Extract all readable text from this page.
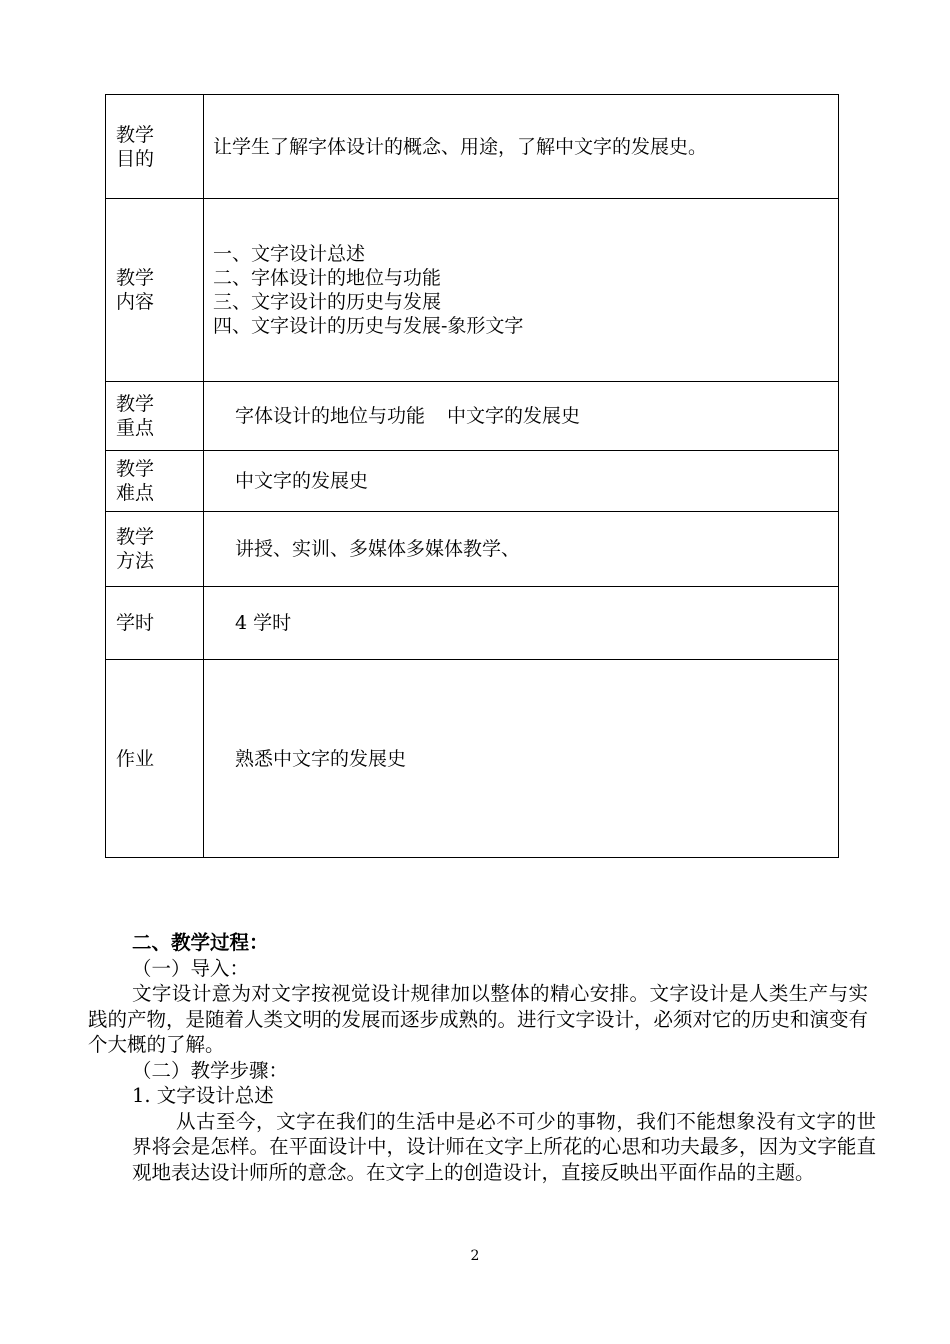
教学
目的	让学生了解字体设计的概念、用途，了解中文字的发展史。

教学
内容	一、文字设计总述
二、字体设计的地位与功能
三、文字设计的历史与发展
四、文字设计的历史与发展-象形文字

教学
重点	字体设计的地位与功能 中文字的发展史

教学
难点	中文字的发展史

教学
方法	讲授、实训、多媒体多媒体教学、

学时	4 学时

作业	熟悉中文字的发展史
二、教学过程：
（一）导入：
文字设计意为对文字按视觉设计规律加以整体的精心安排。文字设计是人类生产与实践的产物，是随着人类文明的发展而逐步成熟的。进行文字设计，必须对它的历史和演变有个大概的了解。
（二）教学步骤：
1. 文字设计总述
从古至今，文字在我们的生活中是必不可少的事物，我们不能想象没有文字的世界将会是怎样。在平面设计中，设计师在文字上所花的心思和功夫最多，因为文字能直观地表达设计师所的意念。在文字上的创造设计，直接反映出平面作品的主题。
2
